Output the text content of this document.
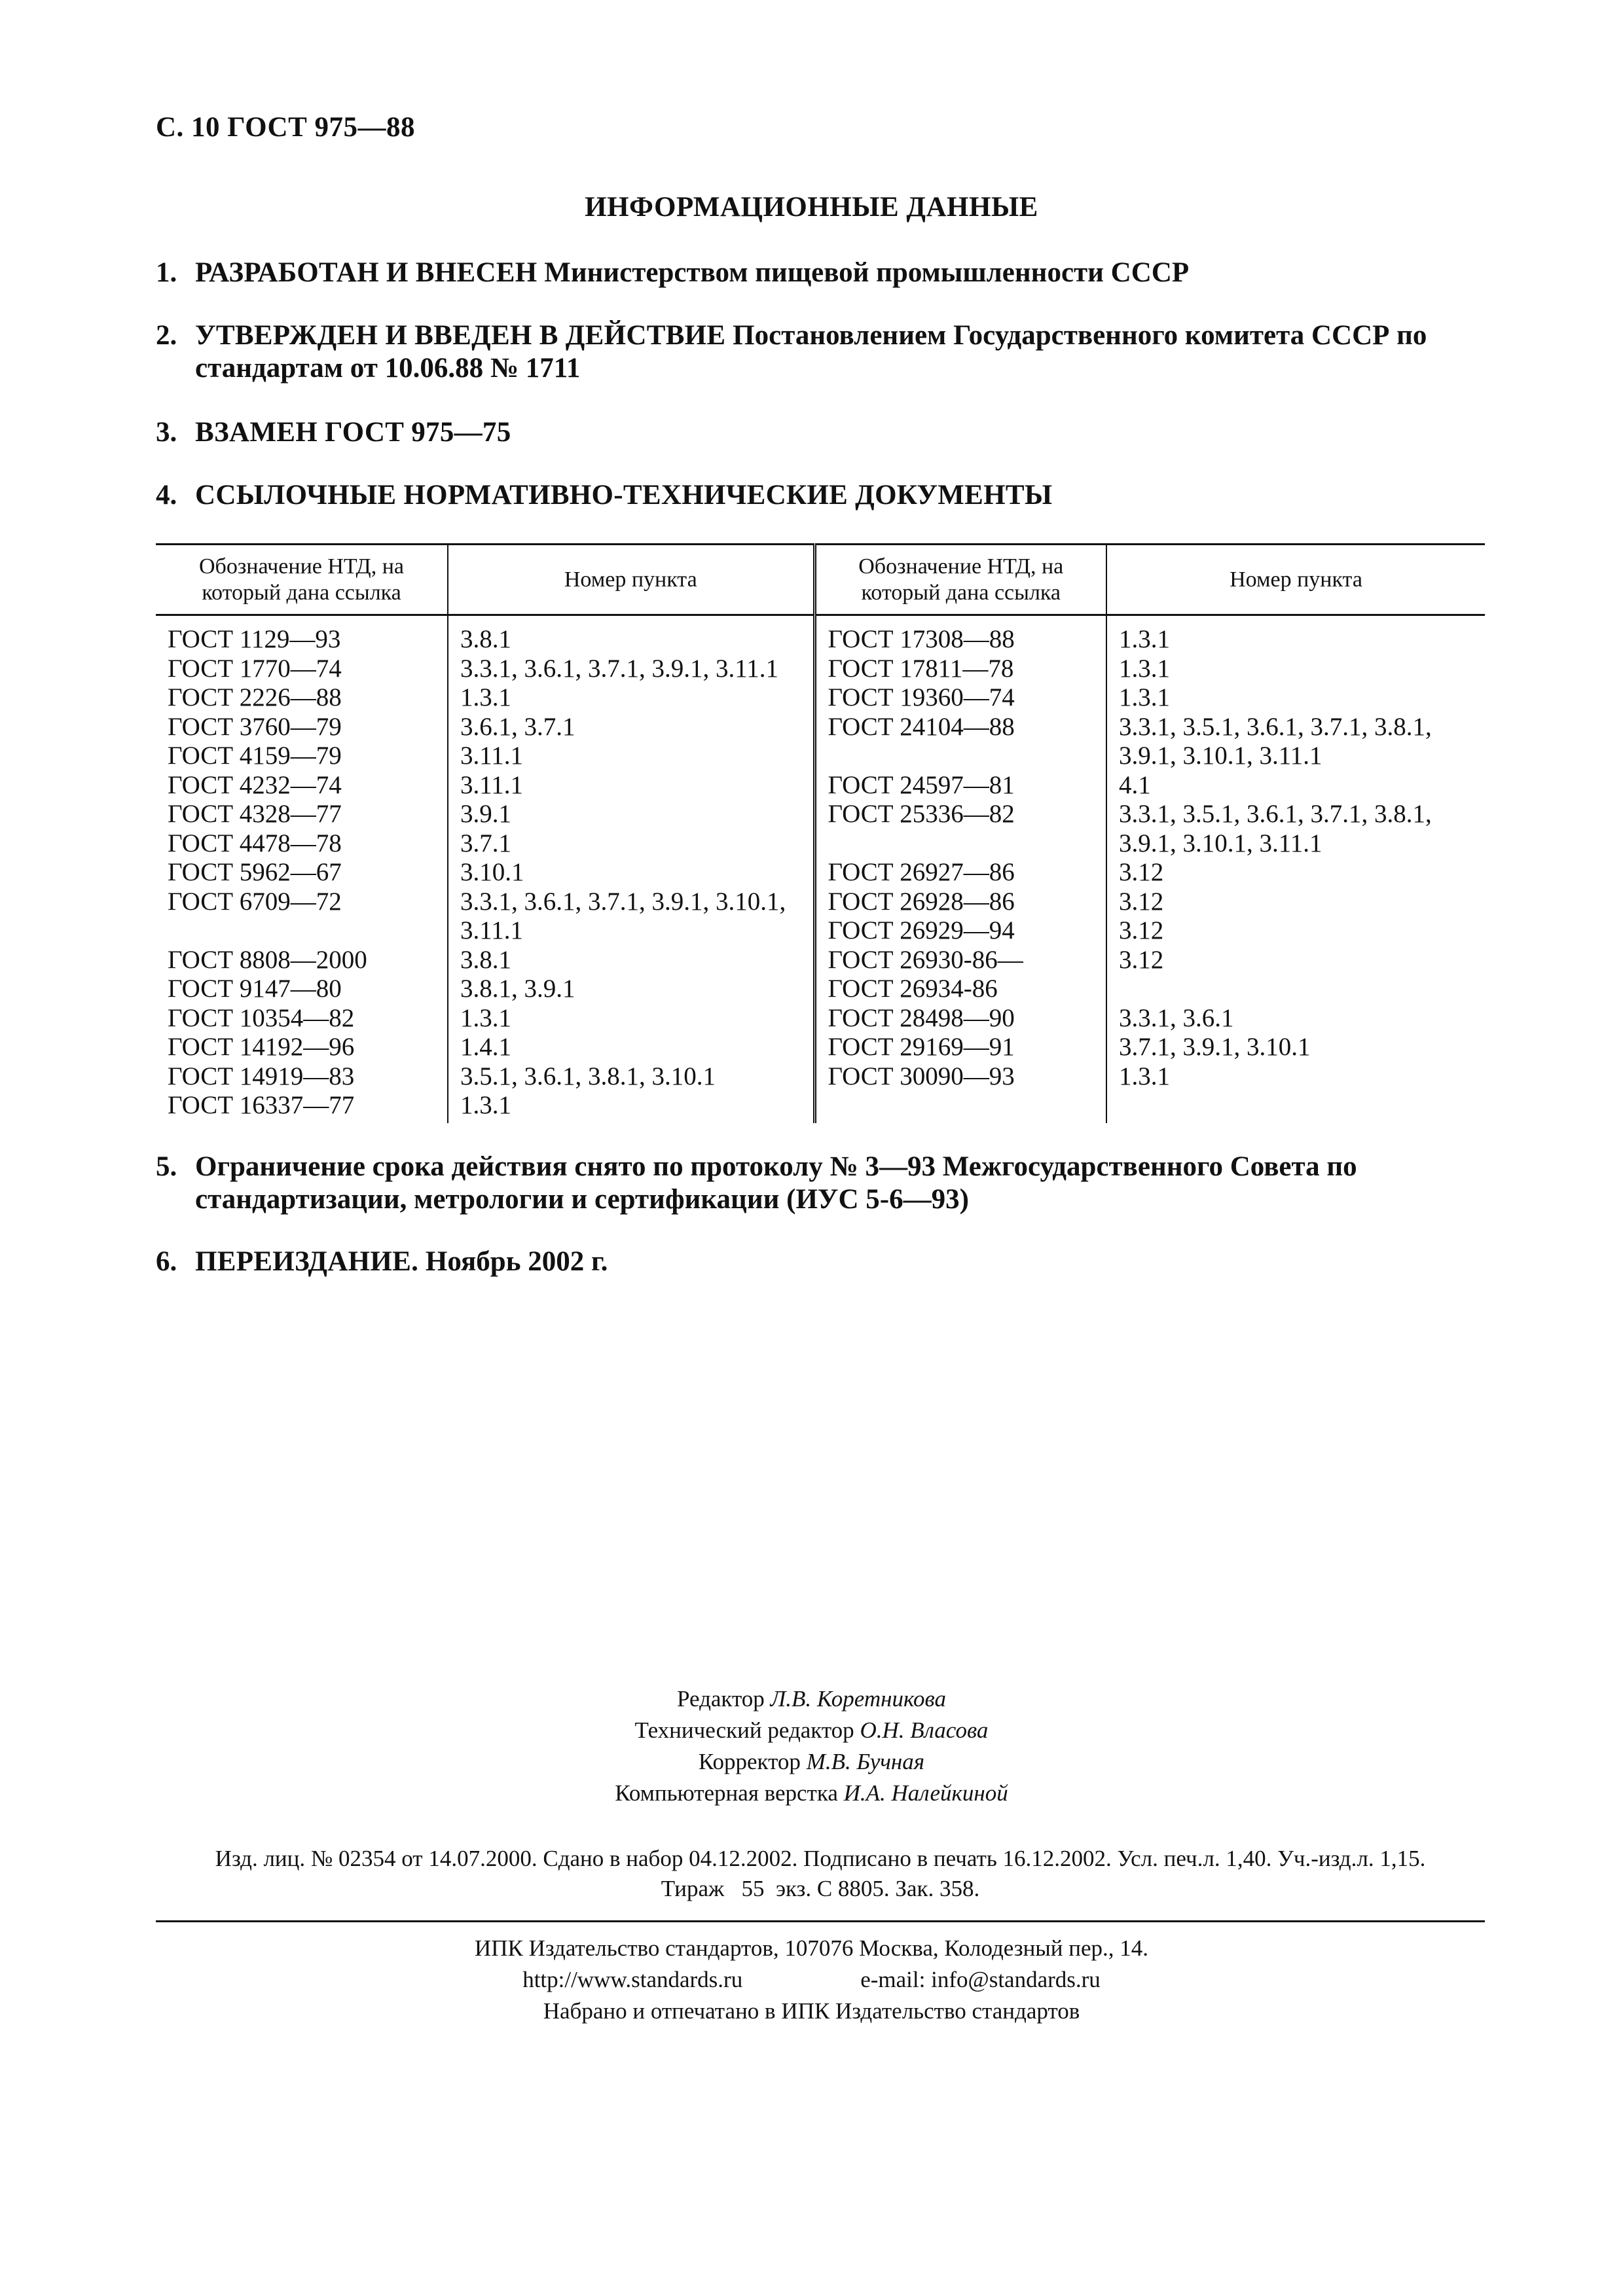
С. 10 ГОСТ 975—88
ИНФОРМАЦИОННЫЕ ДАННЫЕ
1. РАЗРАБОТАН И ВНЕСЕН Министерством пищевой промышленности СССР
2. УТВЕРЖДЕН И ВВЕДЕН В ДЕЙСТВИЕ Постановлением Государственного комитета СССР по стандартам от 10.06.88 № 1711
3. ВЗАМЕН ГОСТ 975—75
4. ССЫЛОЧНЫЕ НОРМАТИВНО-ТЕХНИЧЕСКИЕ ДОКУМЕНТЫ
Обозначение НТД, на который дана ссылка	Номер пункта	Обозначение НТД, на который дана ссылка	Номер пункта
ГОСТ 1129—93	3.8.1	ГОСТ 17308—88	1.3.1
ГОСТ 1770—74	3.3.1, 3.6.1, 3.7.1, 3.9.1, 3.11.1	ГОСТ 17811—78	1.3.1
ГОСТ 2226—88	1.3.1	ГОСТ 19360—74	1.3.1
ГОСТ 3760—79	3.6.1, 3.7.1	ГОСТ 24104—88	3.3.1, 3.5.1, 3.6.1, 3.7.1, 3.8.1,
ГОСТ 4159—79	3.11.1		3.9.1, 3.10.1, 3.11.1
ГОСТ 4232—74	3.11.1	ГОСТ 24597—81	4.1
ГОСТ 4328—77	3.9.1	ГОСТ 25336—82	3.3.1, 3.5.1, 3.6.1, 3.7.1, 3.8.1,
ГОСТ 4478—78	3.7.1		3.9.1, 3.10.1, 3.11.1
ГОСТ 5962—67	3.10.1	ГОСТ 26927—86	3.12
ГОСТ 6709—72	3.3.1, 3.6.1, 3.7.1, 3.9.1, 3.10.1,	ГОСТ 26928—86	3.12
	3.11.1	ГОСТ 26929—94	3.12
ГОСТ 8808—2000	3.8.1	ГОСТ 26930-86—	3.12
ГОСТ 9147—80	3.8.1, 3.9.1	ГОСТ 26934-86	
ГОСТ 10354—82	1.3.1	ГОСТ 28498—90	3.3.1, 3.6.1
ГОСТ 14192—96	1.4.1	ГОСТ 29169—91	3.7.1, 3.9.1, 3.10.1
ГОСТ 14919—83	3.5.1, 3.6.1, 3.8.1, 3.10.1	ГОСТ 30090—93	1.3.1
ГОСТ 16337—77	1.3.1		
5. Ограничение срока действия снято по протоколу № 3—93 Межгосударственного Совета по стандартизации, метрологии и сертификации (ИУС 5-6—93)
6. ПЕРЕИЗДАНИЕ. Ноябрь 2002 г.
Редактор Л.В. Коретникова
Технический редактор О.Н. Власова
Корректор М.В. Бучная
Компьютерная верстка И.А. Налейкиной
Изд. лиц. № 02354 от 14.07.2000. Сдано в набор 04.12.2002. Подписано в печать 16.12.2002. Усл. печ.л. 1,40. Уч.-изд.л. 1,15.
Тираж   55  экз. С 8805. Зак. 358.
ИПК Издательство стандартов, 107076 Москва, Колодезный пер., 14.
http://www.standards.ru	e-mail: info@standards.ru
Набрано и отпечатано в ИПК Издательство стандартов
